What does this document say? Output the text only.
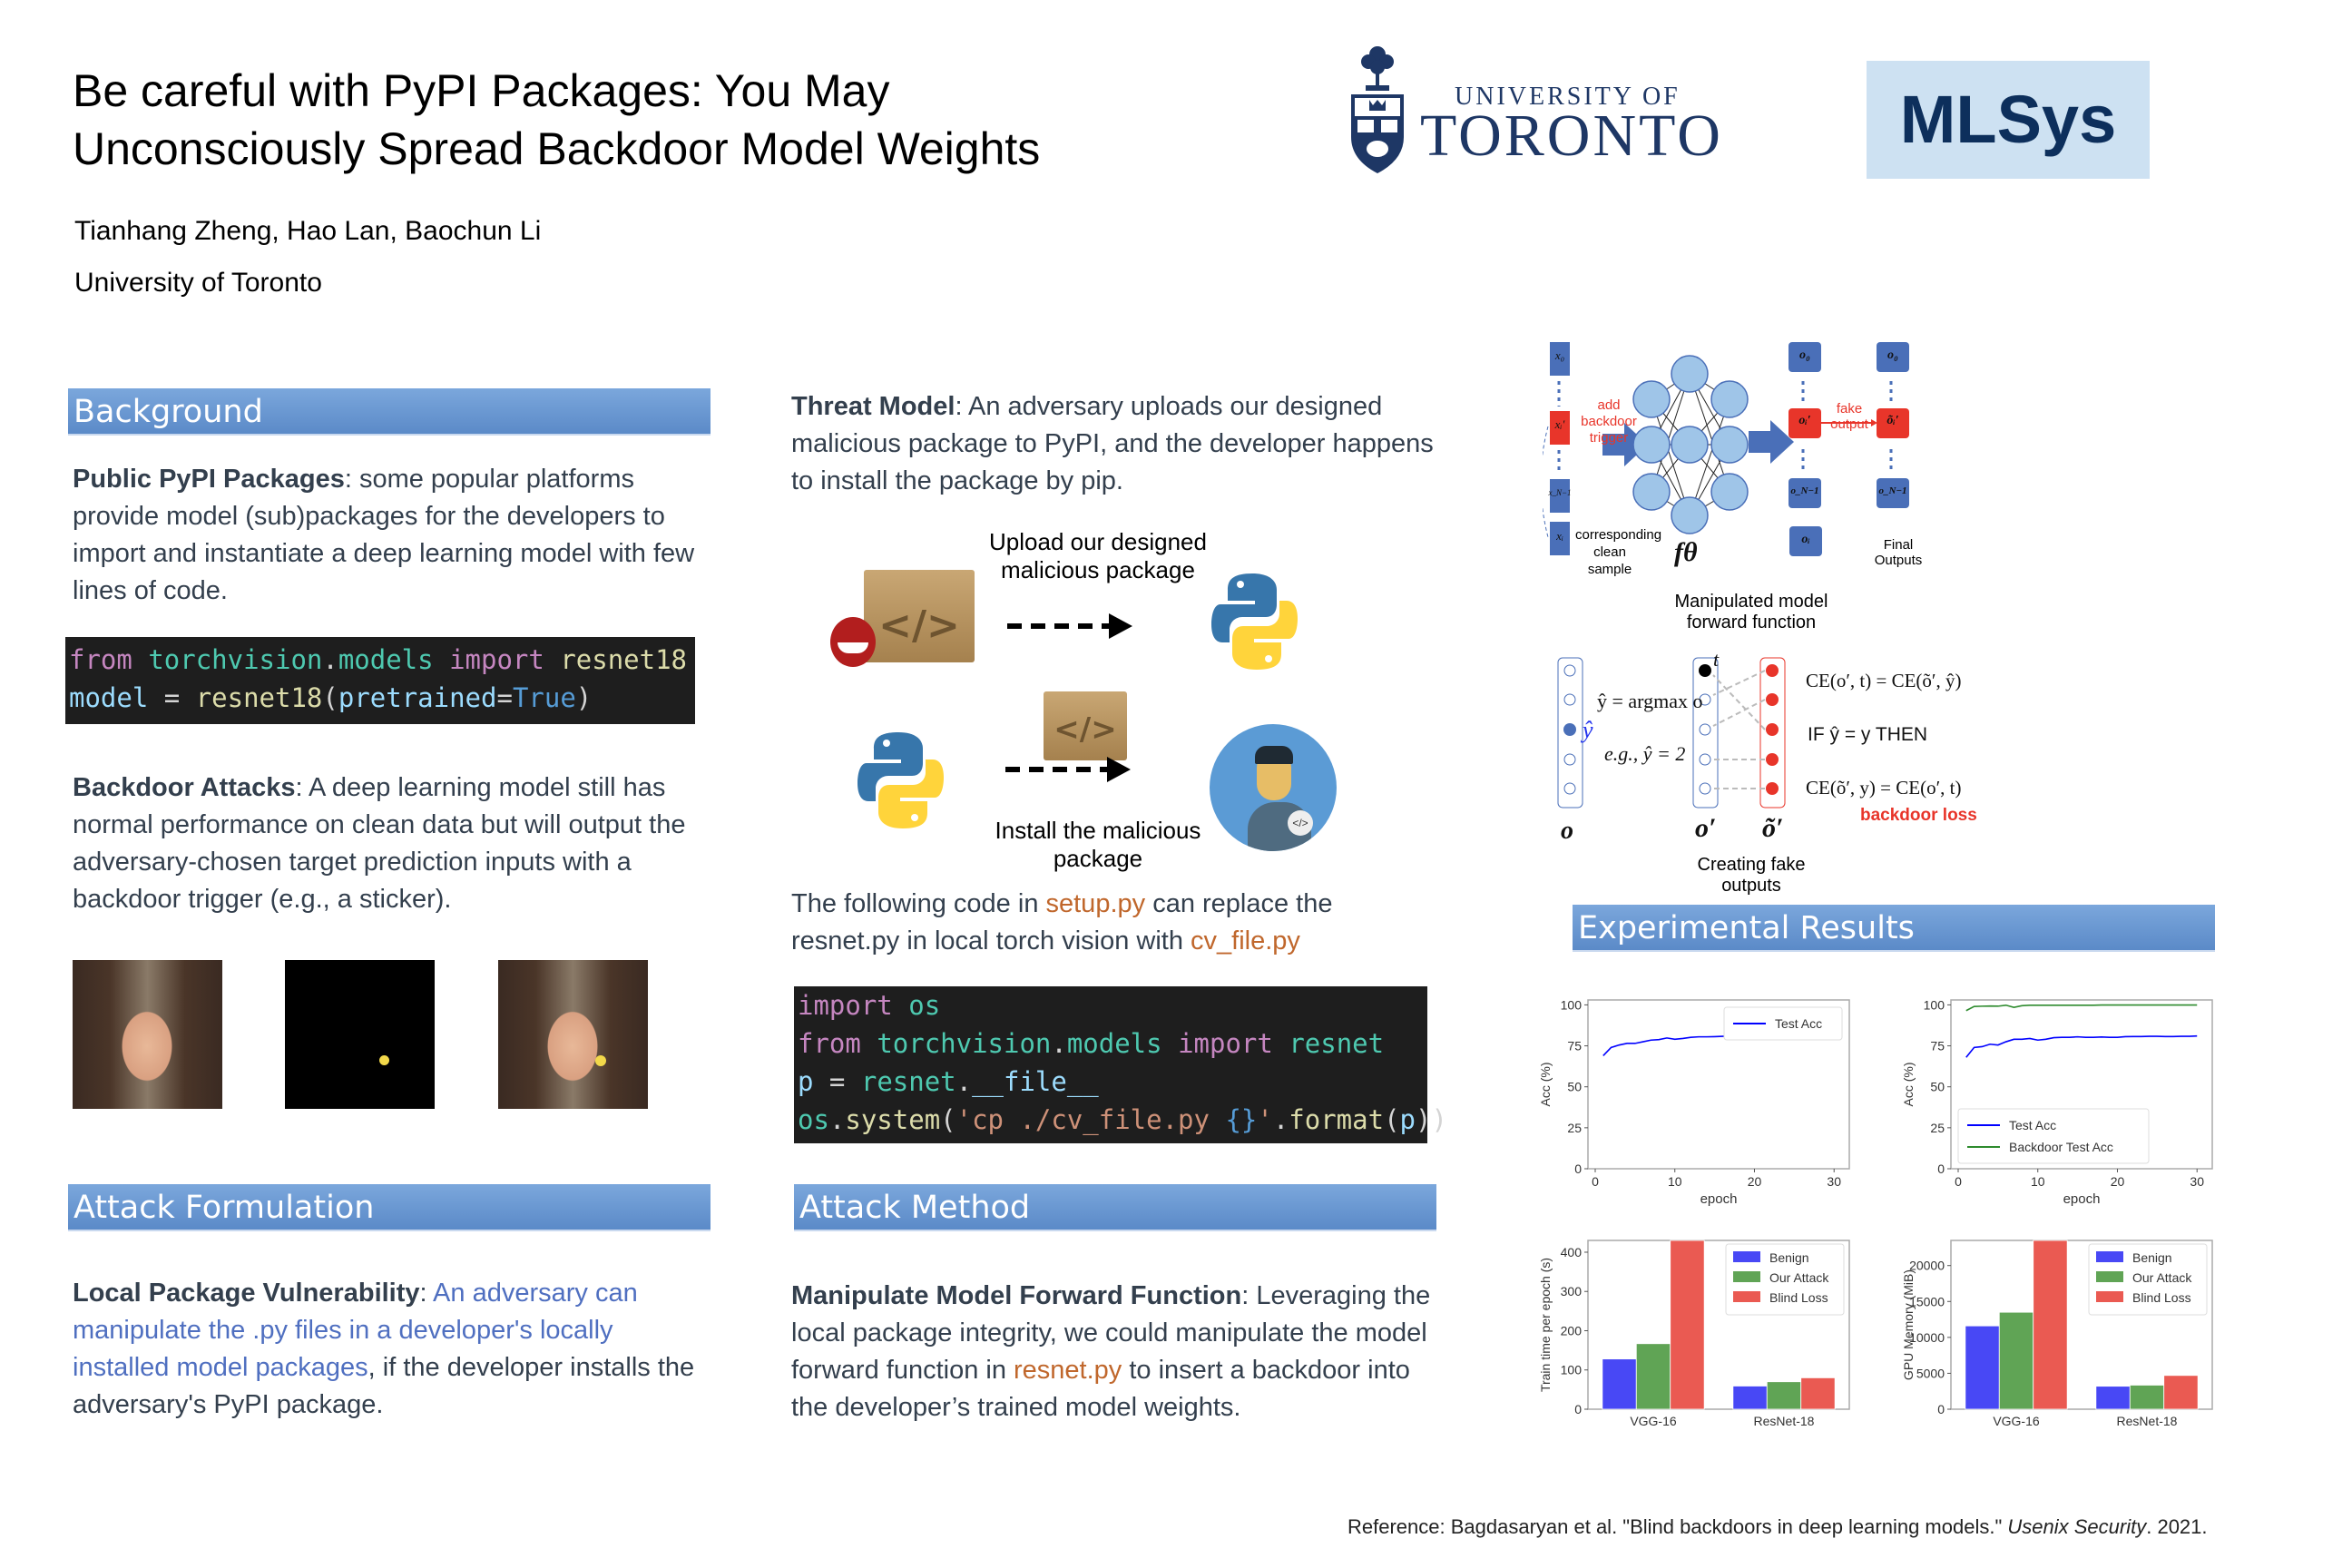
Be careful with PyPI Packages: You May
Unconsciously Spread Backdoor Model Weights
Tianhang Zheng, Hao Lan, Baochun Li
University of Toronto
UNIVERSITY OF
TORONTO	MLSys
Background
Public PyPI Packages: some popular platforms provide model (sub)packages for the developers to import and instantiate a deep learning model with few lines of code.
from torchvision.models import resnet18
model = resnet18(pretrained=True)
Backdoor Attacks: A deep learning model still has normal performance on clean data but will output the adversary-chosen target prediction inputs with a backdoor trigger (e.g., a sticker).
Attack Formulation
Local Package Vulnerability: An adversary can manipulate the .py files in a developer's locally installed model packages, if the developer installs the adversary's PyPI package.
Threat Model: An adversary uploads our designed malicious package to PyPI, and the developer happens to install the package by pip.
</>
Upload our designed malicious package
</>
</>
Install the malicious package
The following code in setup.py can replace the resnet.py in local torch vision with cv_file.py
import os
from torchvision.models import resnet
p = resnet.__file__
os.system('cp ./cv_file.py {}'.format(p))
Attack Method
Manipulate Model Forward Function: Leveraging the local package integrity, we could manipulate the model forward function in resnet.py to insert a backdoor into the developer’s trained model weights.
x₀
xᵢ′
x_N−1
xᵢ
add backdoor trigger
corresponding clean sample
fθ
o₀
oᵢ′
o_N−1
oᵢ
fake output
o₀
õᵢ′
o_N−1
Final Outputs
Manipulated model forward function
ŷ
ŷ = argmax o
e.g., ŷ = 2
t
o	o′ õ′
CE(o′, t) = CE(õ′, ŷ)
IF ŷ = y THEN
CE(õ′, y) = CE(o′, t)
backdoor loss
Creating fake outputs
Experimental Results
0
25
50
75
100
Acc (%)
0	10	20	30
epoch
Test Acc
0
25
50
75
100
Acc (%)
0	10	20	30
epoch
Test Acc
Backdoor Test Acc
0
100
200
300
400
Train time per epoch (s)
VGG-16	ResNet-18
Benign
Our Attack
Blind Loss
0
5000
10000
15000
20000
GPU Memory (MiB)
VGG-16	ResNet-18
Benign
Our Attack
Blind Loss
Reference: Bagdasaryan et al. "Blind backdoors in deep learning models." Usenix Security. 2021.
